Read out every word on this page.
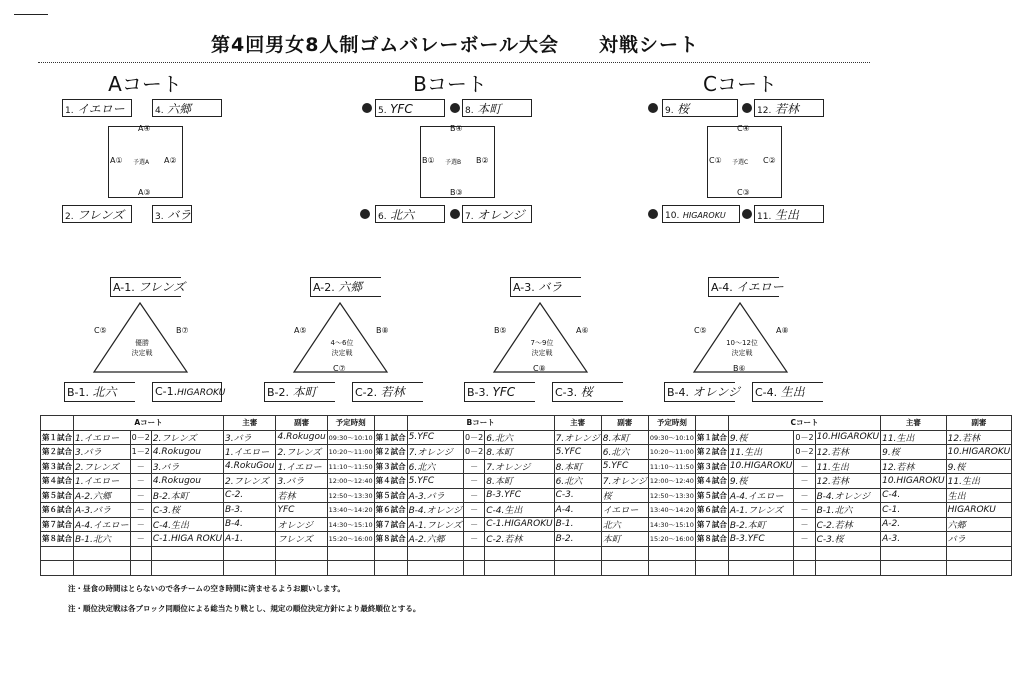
第4回男女8人制ゴムバレーボール大会　　対戦シート
Aコート
1. イエロー	4. 六郷
A④
A①	A②
A③
予選A
2. フレンズ	3. バラ
Bコート
5. YFC	8. 本町
B④
B①	B②
B③
予選B
6. 北六	7. オレンジ
Cコート
9. 桜	12. 若林
C④
C①	C②
C③
予選C
10. HIGAROKU	11. 生出
A-1. フレンズ
C⑤	B⑦
優勝
決定戦
B-1. 北六	C-1.HIGAROKU
A-2. 六郷
A⑤	B⑧
4～6位
決定戦
C⑦
B-2. 本町	C-2. 若林
A-3. バラ
B⑤	A⑥
7～9位
決定戦
C⑧
B-3. YFC	C-3. 桜
A-4. イエロー
C⑤	A⑧
10～12位
決定戦
B⑥
B-4. オレンジ C-4. 生出
	Aコート			主審	副審	予定時刻		Bコート			主審	副審	予定時刻		Cコート			主審	副審
第１試合	1.イエロー	0－2	2.フレンズ	3.バラ	4.Rokugou	09:30～10:10	第１試合	5.YFC	0－2	6.北六	7.オレンジ	8.本町	09:30～10:10	第１試合	9.桜	0－2	10.HIGAROKU	11.生出	12.若林
第２試合	3.バラ	1－2	4.Rokugou	1.イエロー	2.フレンズ	10:20～11:00	第２試合	7.オレンジ	0－2	8.本町	5.YFC	6.北六	10:20～11:00	第２試合	11.生出	0－2	12.若林	9.桜	10.HIGAROKU
第３試合	2.フレンズ	－	3.バラ	4.RokuGou	1.イエロー	11:10～11:50	第３試合	6.北六	－	7.オレンジ	8.本町	5.YFC	11:10～11:50	第３試合	10.HIGAROKU	－	11.生出	12.若林	9.桜
第４試合	1.イエロー	－	4.Rokugou	2.フレンズ	3.バラ	12:00～12:40	第４試合	5.YFC	－	8.本町	6.北六	7.オレンジ	12:00～12:40	第４試合	9.桜	－	12.若林	10.HIGAROKU	11.生出
第５試合	A-2.六郷	－	B-2.本町	C-2.	若林	12:50～13:30	第５試合	A-3.バラ	－	B-3.YFC	C-3.	桜	12:50～13:30	第５試合	A-4.イエロー	－	B-4.オレンジ	C-4.	生出
第６試合	A-3.バラ	－	C-3.桜	B-3.	YFC	13:40～14:20	第６試合	B-4.オレンジ	－	C-4.生出	A-4.	イエロー	13:40～14:20	第６試合	A-1.フレンズ	－	B-1.北六	C-1.	HIGAROKU
第７試合	A-4.イエロー	－	C-4.生出	B-4.	オレンジ	14:30～15:10	第７試合	A-1.フレンズ	－	C-1.HIGAROKU	B-1.	北六	14:30～15:10	第７試合	B-2.本町	－	C-2.若林	A-2.	六郷
第８試合	B-1.北六	－	C-1.HIGA ROKU	A-1.	フレンズ	15:20～16:00	第８試合	A-2.六郷	－	C-2.若林	B-2.	本町	15:20～16:00	第８試合	B-3.YFC	－	C-3.桜	A-3.	バラ

注・昼食の時間はとらないので各チームの空き時間に済ませるようお願いします。
注・順位決定戦は各ブロック同順位による総当たり戦とし、規定の順位決定方針により最終順位とする。
